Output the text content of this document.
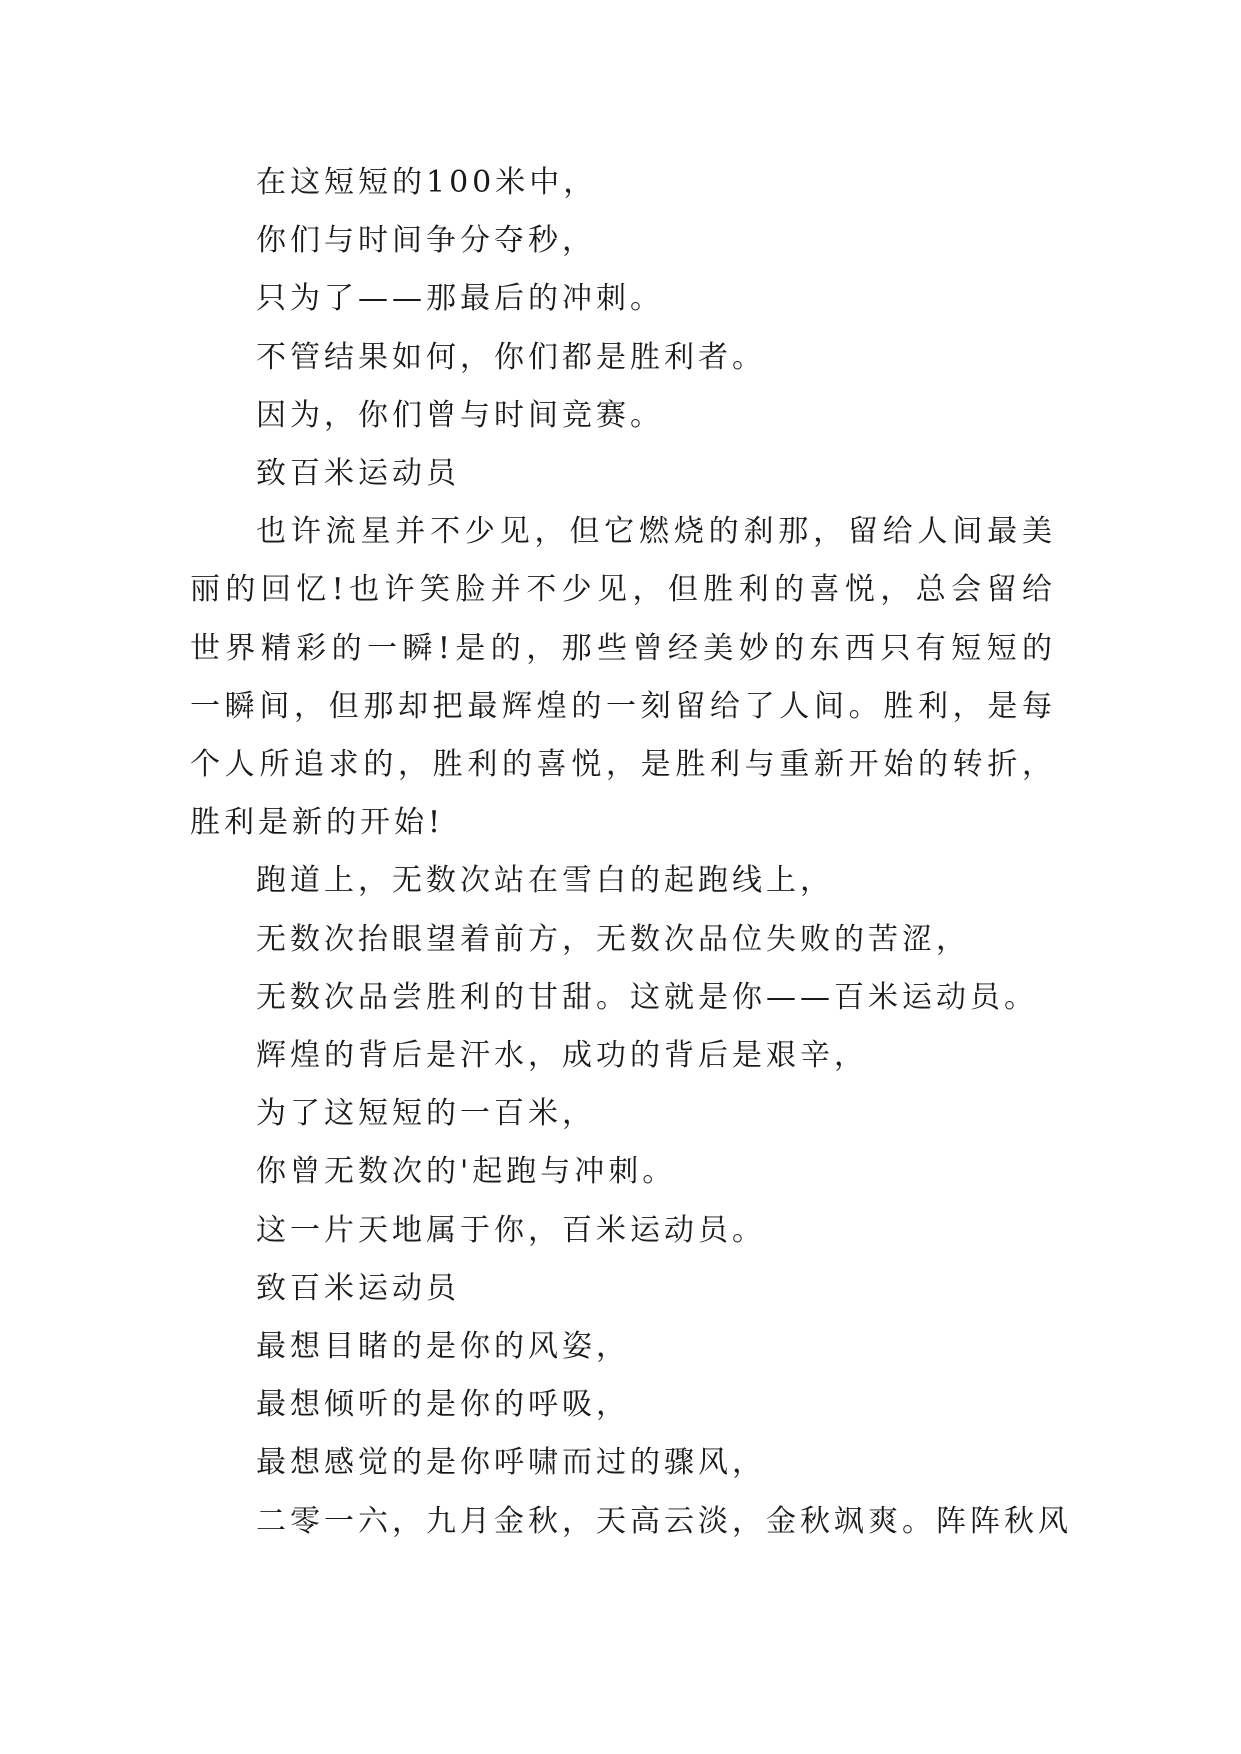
在这短短的100米中，
你们与时间争分夺秒，
只为了——那最后的冲刺。
不管结果如何，你们都是胜利者。
因为，你们曾与时间竞赛。
致百米运动员

也许流星并不少见，但它燃烧的刹那，留给人间最美丽的回忆!也许笑脸并不少见，但胜利的喜悦，总会留给世界精彩的一瞬!是的，那些曾经美妙的东西只有短短的一瞬间，但那却把最辉煌的一刻留给了人间。胜利，是每个人所追求的，胜利的喜悦，是胜利与重新开始的转折，胜利是新的开始!

跑道上，无数次站在雪白的起跑线上，
无数次抬眼望着前方，无数次品位失败的苦涩，
无数次品尝胜利的甘甜。这就是你——百米运动员。
辉煌的背后是汗水，成功的背后是艰辛，
为了这短短的一百米，
你曾无数次的'起跑与冲刺。
这一片天地属于你，百米运动员。
致百米运动员
最想目睹的是你的风姿，
最想倾听的是你的呼吸，
最想感觉的是你呼啸而过的骤风，
二零一六，九月金秋，天高云淡，金秋飒爽。阵阵秋风
